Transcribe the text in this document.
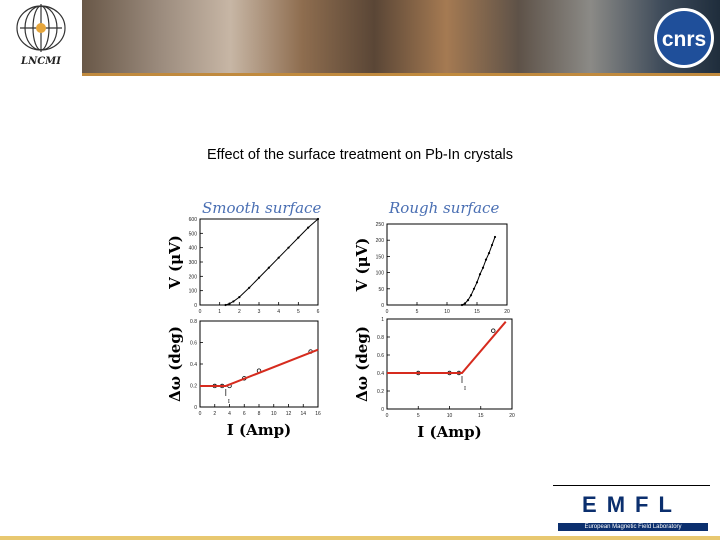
LNCMI
cnrs
Effect of the surface treatment on Pb-In crystals
Smooth surface	Rough surface
0	1	2	3	4	5	6
0
100
200
300
400
500
600
V (μV)
0	5	10	15	20
0
50
100
150
200
250
V (μV)
0 2 4 6 8 10 12 14 16
0
0.2
0.4
0.6
0.8
Δω (deg)
I (Amp)
I
0	5	10	15	20
0
0.2
0.4
0.6
0.8
1
Δω (deg)
I (Amp)
I
EMFL
European Magnetic Field Laboratory
